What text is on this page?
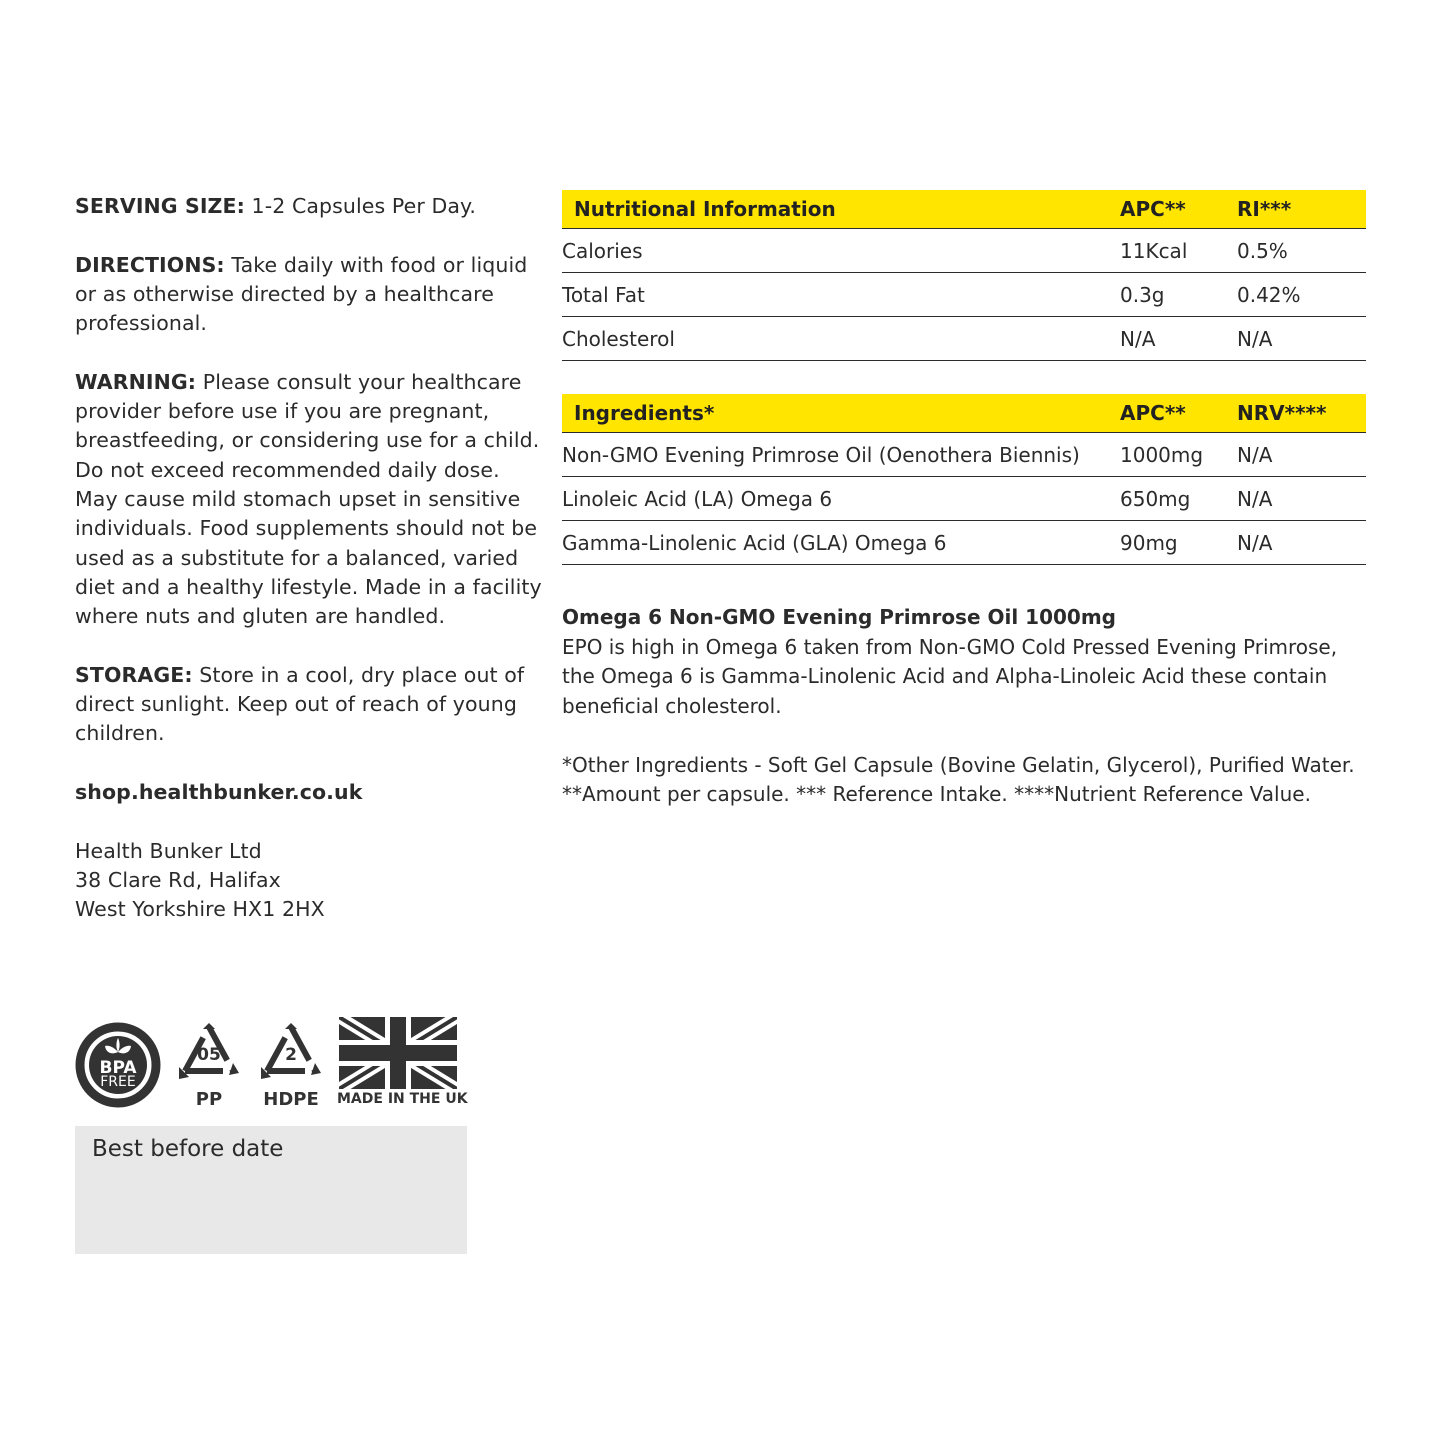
SERVING SIZE: 1-2 Capsules Per Day.

DIRECTIONS: Take daily with food or liquid or as otherwise directed by a healthcare professional.

WARNING: Please consult your healthcare provider before use if you are pregnant, breastfeeding, or considering use for a child. Do not exceed recommended daily dose. May cause mild stomach upset in sensitive individuals. Food supplements should not be used as a substitute for a balanced, varied diet and a healthy lifestyle. Made in a facility where nuts and gluten are handled.

STORAGE: Store in a cool, dry place out of direct sunlight. Keep out of reach of young children.

shop.healthbunker.co.uk

Health Bunker Ltd
38 Clare Rd, Halifax
West Yorkshire HX1 2HX

Nutritional Information	APC**	RI***
Calories	11Kcal	0.5%
Total Fat	0.3g	0.42%
Cholesterol	N/A	N/A
Ingredients*	APC**	NRV****
Non-GMO Evening Primrose Oil (Oenothera Biennis)	1000mg	N/A
Linoleic Acid (LA) Omega 6	650mg	N/A
Gamma-Linolenic Acid (GLA) Omega 6	90mg	N/A

Omega 6 Non-GMO Evening Primrose Oil 1000mg
EPO is high in Omega 6 taken from Non-GMO Cold Pressed Evening Primrose, the Omega 6 is Gamma-Linolenic Acid and Alpha-Linoleic Acid these contain beneficial cholesterol.

*Other Ingredients - Soft Gel Capsule (Bovine Gelatin, Glycerol), Purified Water.
**Amount per capsule. *** Reference Intake. ****Nutrient Reference Value.

BPA
FREE
05
PP
2
HDPE	MADE IN THE UK
Best before date
